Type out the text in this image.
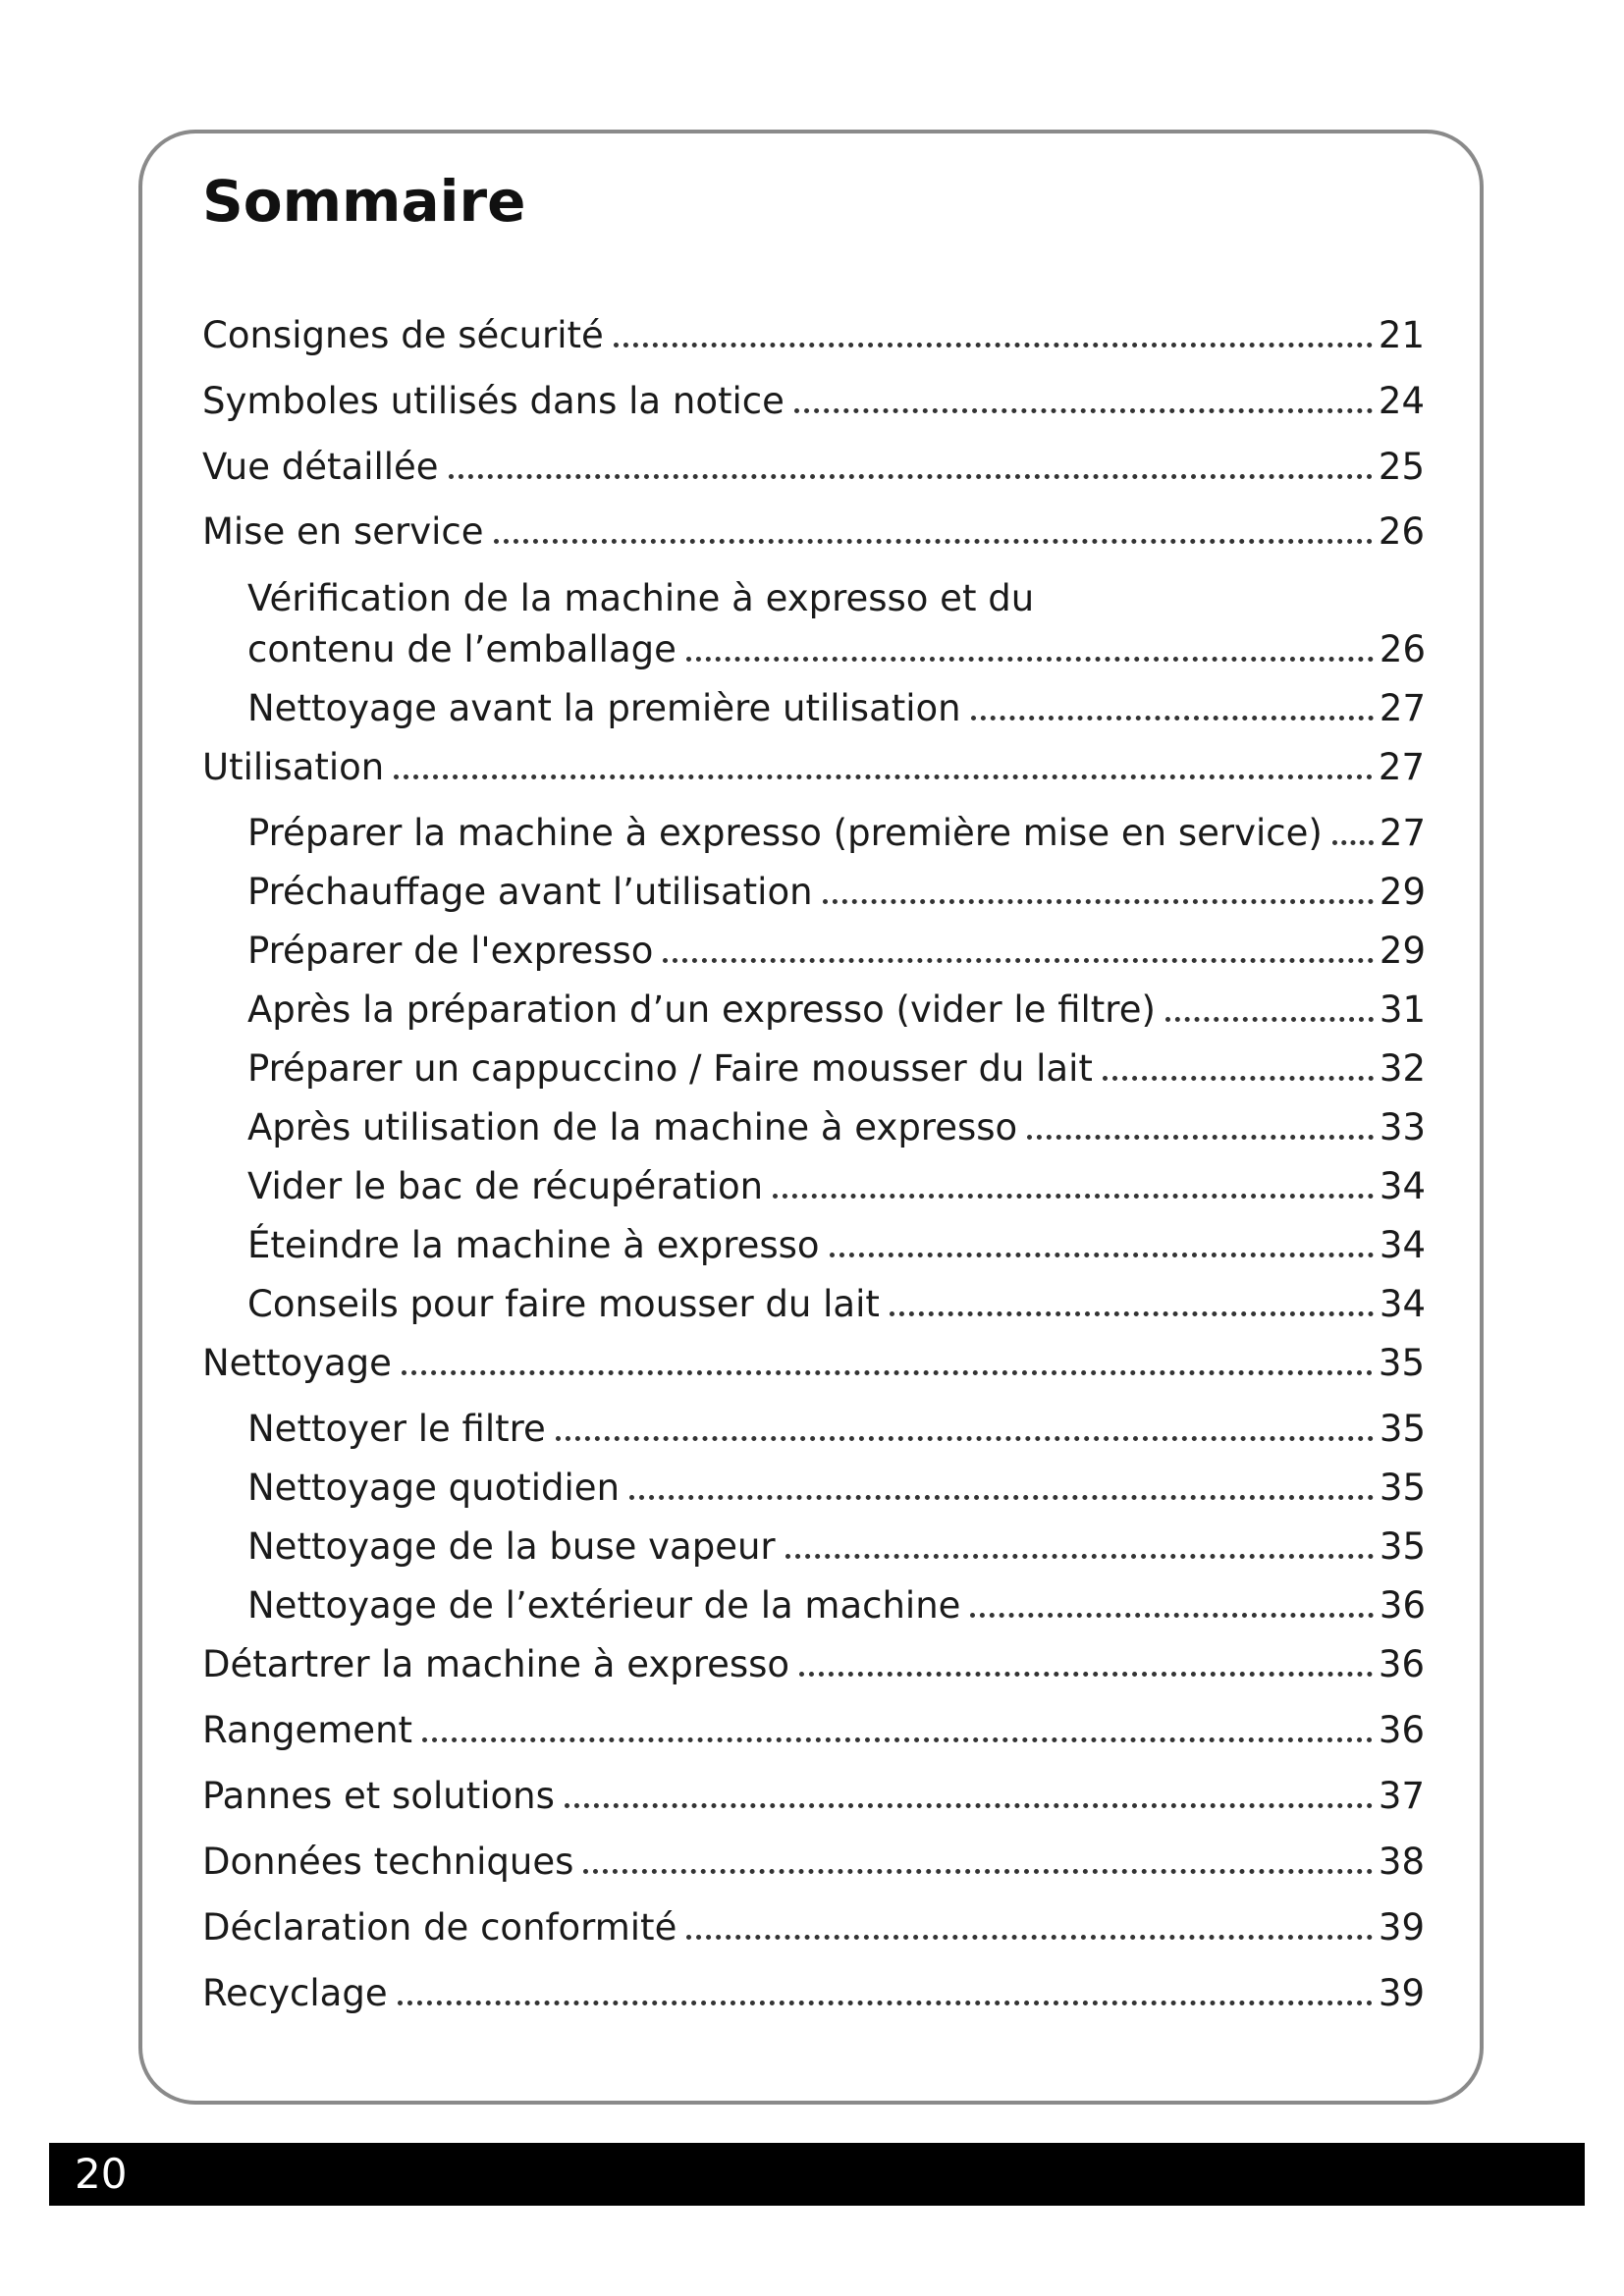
Sommaire
Consignes de sécurité	21
Symboles utilisés dans la notice	24
Vue détaillée	25
Mise en service	26
Vérification de la machine à expresso et du
contenu de l’emballage	26
Nettoyage avant la première utilisation	27
Utilisation	27
Préparer la machine à expresso (première mise en service) 27
Préchauffage avant l’utilisation	29
Préparer de l'expresso	29
Après la préparation d’un expresso (vider le filtre)	31
Préparer un cappuccino / Faire mousser du lait	32
Après utilisation de la machine à expresso	33
Vider le bac de récupération	34
Éteindre la machine à expresso	34
Conseils pour faire mousser du lait	34
Nettoyage	35
Nettoyer le filtre	35
Nettoyage quotidien	35
Nettoyage de la buse vapeur	35
Nettoyage de l’extérieur de la machine	36
Détartrer la machine à expresso	36
Rangement	36
Pannes et solutions	37
Données techniques	38
Déclaration de conformité	39
Recyclage	39
20
